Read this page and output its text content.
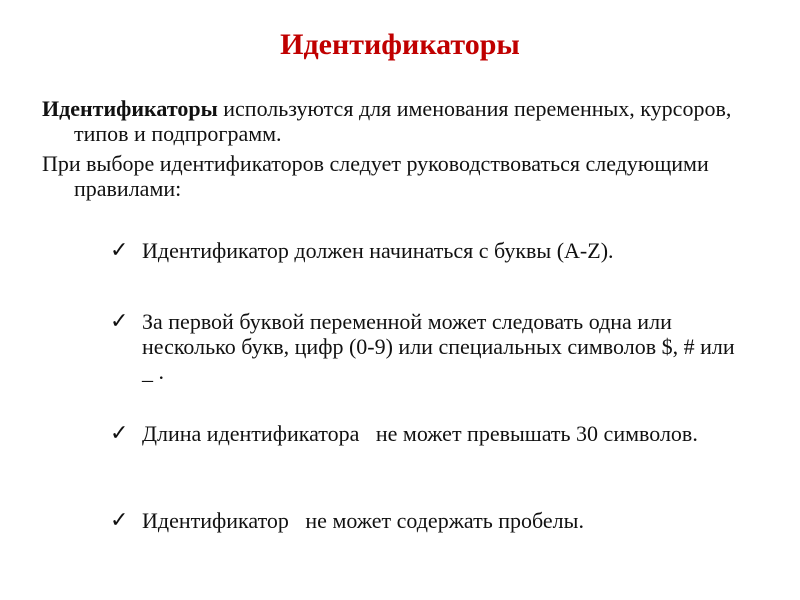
Идентификаторы
Идентификаторы используются для именования переменных, курсоров, типов и подпрограмм.
При выборе идентификаторов следует руководствоваться следующими правилами:
✓ Идентификатор должен начинаться с буквы (A-Z).
✓ За первой буквой переменной может следовать одна или несколько букв, цифр (0-9) или специальных символов $, # или _ .
✓ Длина идентификатора   не может превышать 30 символов.
✓ Идентификатор   не может содержать пробелы.
